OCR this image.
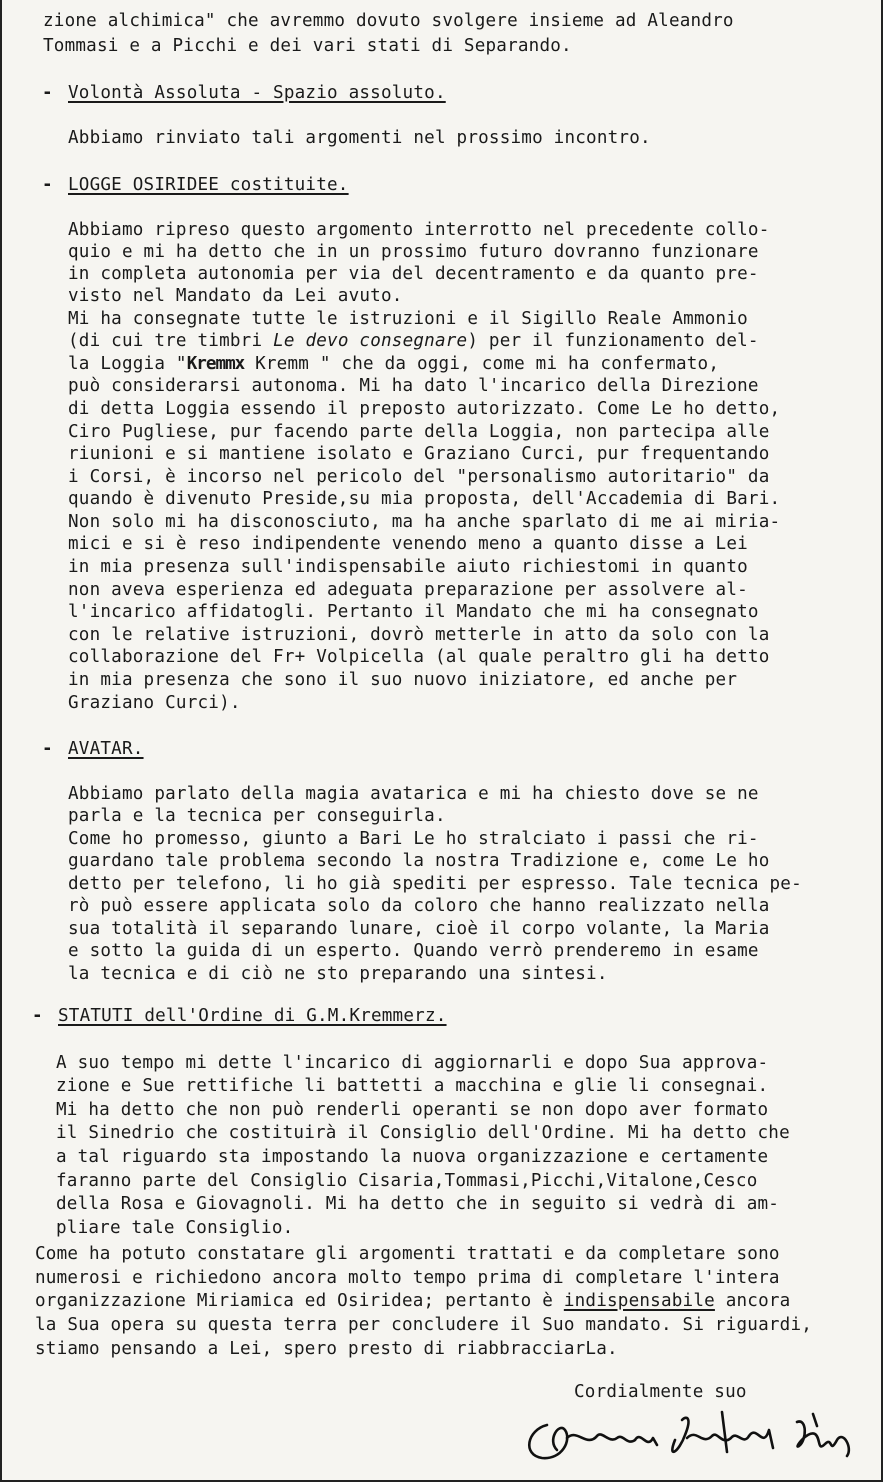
zione alchimica" che avremmo dovuto svolgere insieme ad Aleandro
Tommasi e a Picchi e dei vari stati di Separando.
- Volontà Assoluta - Spazio assoluto.
Abbiamo rinviato tali argomenti nel prossimo incontro.
- LOGGE OSIRIDEE costituite.
Abbiamo ripreso questo argomento interrotto nel precedente collo-
quio e mi ha detto che in un prossimo futuro dovranno funzionare
in completa autonomia per via del decentramento e da quanto pre-
visto nel Mandato da Lei avuto.
Mi ha consegnate tutte le istruzioni e il Sigillo Reale Ammonio
(di cui tre timbri Le devo consegnare) per il funzionamento del-
la Loggia "Kremmx Kremm " che da oggi, come mi ha confermato,
può considerarsi autonoma. Mi ha dato l'incarico della Direzione
di detta Loggia essendo il preposto autorizzato. Come Le ho detto,
Ciro Pugliese, pur facendo parte della Loggia, non partecipa alle
riunioni e si mantiene isolato e Graziano Curci, pur frequentando
i Corsi, è incorso nel pericolo del "personalismo autoritario" da
quando è divenuto Preside,su mia proposta, dell'Accademia di Bari.
Non solo mi ha disconosciuto, ma ha anche sparlato di me ai miria-
mici e si è reso indipendente venendo meno a quanto disse a Lei
in mia presenza sull'indispensabile aiuto richiestomi in quanto
non aveva esperienza ed adeguata preparazione per assolvere al-
l'incarico affidatogli. Pertanto il Mandato che mi ha consegnato
con le relative istruzioni, dovrò metterle in atto da solo con la
collaborazione del Fr+ Volpicella (al quale peraltro gli ha detto
in mia presenza che sono il suo nuovo iniziatore, ed anche per
Graziano Curci).
- AVATAR.
Abbiamo parlato della magia avatarica e mi ha chiesto dove se ne
parla e la tecnica per conseguirla.
Come ho promesso, giunto a Bari Le ho stralciato i passi che ri-
guardano tale problema secondo la nostra Tradizione e, come Le ho
detto per telefono, li ho già spediti per espresso. Tale tecnica pe-
rò può essere applicata solo da coloro che hanno realizzato nella
sua totalità il separando lunare, cioè il corpo volante, la Maria
e sotto la guida di un esperto. Quando verrò prenderemo in esame
la tecnica e di ciò ne sto preparando una sintesi.
- STATUTI dell'Ordine di G.M.Kremmerz.
A suo tempo mi dette l'incarico di aggiornarli e dopo Sua approva-
zione e Sue rettifiche li battetti a macchina e glie li consegnai.
Mi ha detto che non può renderli operanti se non dopo aver formato
il Sinedrio che costituirà il Consiglio dell'Ordine. Mi ha detto che
a tal riguardo sta impostando la nuova organizzazione e certamente
faranno parte del Consiglio Cisaria,Tommasi,Picchi,Vitalone,Cesco
della Rosa e Giovagnoli. Mi ha detto che in seguito si vedrà di am-
pliare tale Consiglio.
Come ha potuto constatare gli argomenti trattati e da completare sono
numerosi e richiedono ancora molto tempo prima di completare l'intera
organizzazione Miriamica ed Osiridea; pertanto è indispensabile ancora
la Sua opera su questa terra per concludere il Suo mandato. Si riguardi,
stiamo pensando a Lei, spero presto di riabbracciarLa.
Cordialmente suo
